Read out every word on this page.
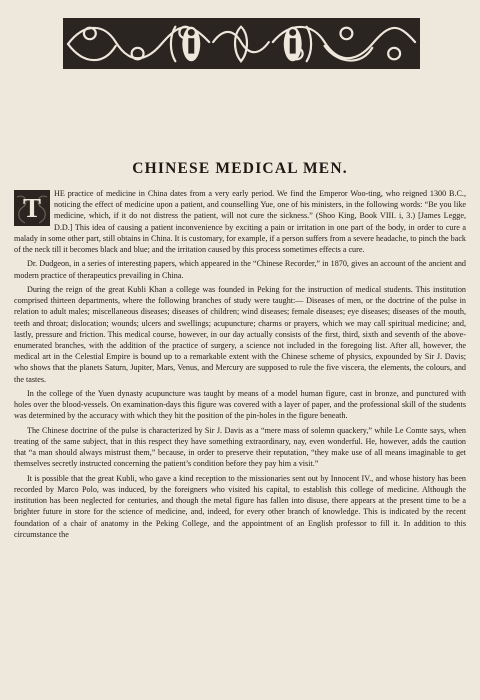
CHINESE MEDICAL MEN.

T	HE practice of medicine in China dates from a very early period. We find the Emperor Woo-ting, who reigned 1300 B.C., noticing the effect of medicine upon a patient, and counselling Yue, one of his ministers, in the following words: “Be you like medicine, which, if it do not distress the patient, will not cure the sickness.” (Shoo King, Book VIII. i, 3.) [James Legge, D.D.] This idea of causing a patient inconvenience by exciting a pain or irritation in one part of the body, in order to cure a malady in some other part, still obtains in China. It is customary, for example, if a person suffers from a severe headache, to pinch the back of the neck till it becomes black and blue; and the irritation caused by this process sometimes effects a cure.

Dr. Dudgeon, in a series of interesting papers, which appeared in the “Chinese Recorder,” in 1870, gives an account of the ancient and modern practice of therapeutics prevailing in China.

During the reign of the great Kubli Khan a college was founded in Peking for the instruction of medical students. This institution comprised thirteen departments, where the following branches of study were taught:— Diseases of men, or the doctrine of the pulse in relation to adult males; miscellaneous diseases; diseases of children; wind diseases; female diseases; eye diseases; diseases of the mouth, teeth and throat; dislocation; wounds; ulcers and swellings; acupuncture; charms or prayers, which we may call spiritual medicine; and, lastly, pressure and friction. This medical course, however, in our day actually consists of the first, third, sixth and seventh of the above-enumerated branches, with the addition of the practice of surgery, a science not included in the foregoing list. After all, however, the medical art in the Celestial Empire is bound up to a remarkable extent with the Chinese scheme of physics, expounded by Sir J. Davis; who shows that the planets Saturn, Jupiter, Mars, Venus, and Mercury are supposed to rule the five viscera, the elements, the colours, and the tastes.

In the college of the Yuen dynasty acupuncture was taught by means of a model human figure, cast in bronze, and punctured with holes over the blood-vessels. On examination-days this figure was covered with a layer of paper, and the professional skill of the students was determined by the accuracy with which they hit the position of the pin-holes in the figure beneath.

The Chinese doctrine of the pulse is characterized by Sir J. Davis as a “mere mass of solemn quackery,” while Le Comte says, when treating of the same subject, that in this respect they have something extraordinary, nay, even wonderful. He, however, adds the caution that “a man should always mistrust them,” because, in order to preserve their reputation, “they make use of all means imaginable to get themselves secretly instructed concerning the patient’s condition before they pay him a visit.”

It is possible that the great Kubli, who gave a kind reception to the missionaries sent out by Innocent IV., and whose history has been recorded by Marco Polo, was induced, by the foreigners who visited his capital, to establish this college of medicine. Although the institution has been neglected for centuries, and though the metal figure has fallen into disuse, there appears at the present time to be a brighter future in store for the science of medicine, and, indeed, for every other branch of knowledge. This is indicated by the recent foundation of a chair of anatomy in the Peking College, and the appointment of an English professor to fill it. In addition to this circumstance the
